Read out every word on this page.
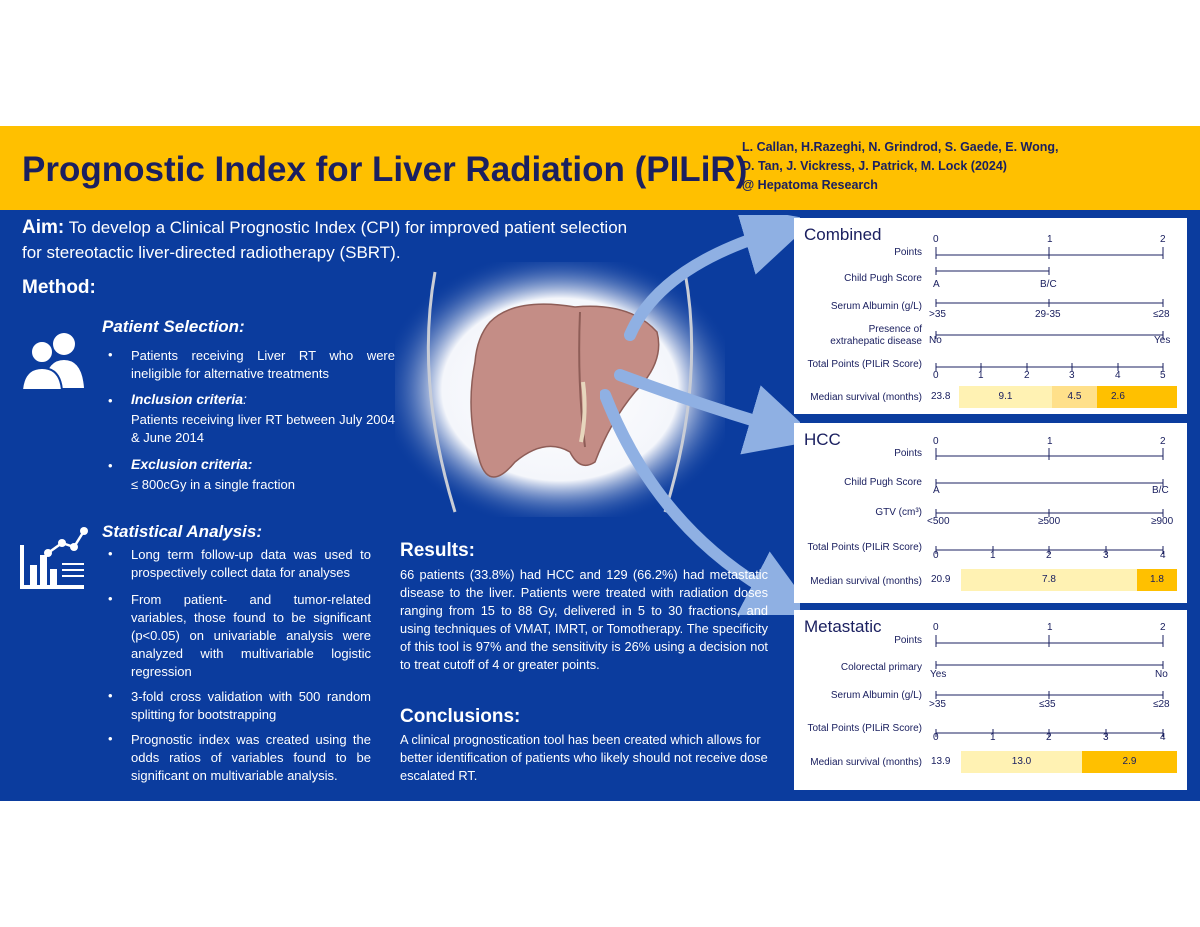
Prognostic Index for Liver Radiation (PILiR)
L. Callan, H.Razeghi, N. Grindrod, S. Gaede, E. Wong,
D. Tan, J. Vickress, J. Patrick, M. Lock (2024)
@ Hepatoma Research
Aim: To develop a Clinical Prognostic Index (CPI) for improved patient selection for stereotactic liver-directed radiotherapy (SBRT).
Method:
Patient Selection:
• Patients receiving Liver RT who were ineligible for alternative treatments
• Inclusion criteria:
Patients receiving liver RT between July 2004 & June 2014
• Exclusion criteria:
≤ 800cGy in a single fraction
Statistical Analysis:
• Long term follow-up data was used to prospectively collect data for analyses
• From patient- and tumor-related variables, those found to be significant (p<0.05) on univariable analysis were analyzed with multivariable logistic regression
• 3-fold cross validation with 500 random splitting for bootstrapping
• Prognostic index was created using the odds ratios of variables found to be significant on multivariable analysis.
Results:
66 patients (33.8%) had HCC and 129 (66.2%) had metastatic disease to the liver. Patients were treated with radiation doses ranging from 15 to 88 Gy, delivered in 5 to 30 fractions, and using techniques of VMAT, IMRT, or Tomotherapy. The specificity of this tool is 97% and the sensitivity is 26% using a decision not to treat cutoff of 4 or greater points.
Conclusions:
A clinical prognostication tool has been created which allows for better identification of patients who likely should not receive dose escalated RT.
Combined
Points
0	1	2
Child Pugh Score
A	B/C
Serum Albumin (g/L)
>35	29-35	≤28
Presence of
extrahepatic disease No	Yes
Total Points (PILiR Score)
0	1	2	3	4	5
Median survival (months) 23.8	9.1	4.5	2.6
HCC
Points
0	1	2
Child Pugh Score
A	B/C
GTV (cm³)
<500	≥500	≥900
Total Points (PILiR Score)
0	1	2	3	4
Median survival (months) 20.9	7.8	1.8
Metastatic
Points
0	1	2
Colorectal primary
Yes	No
Serum Albumin (g/L)
>35	≤35	≤28
Total Points (PILiR Score)
0	1	2	3	4
Median survival (months) 13.9	13.0	2.9
